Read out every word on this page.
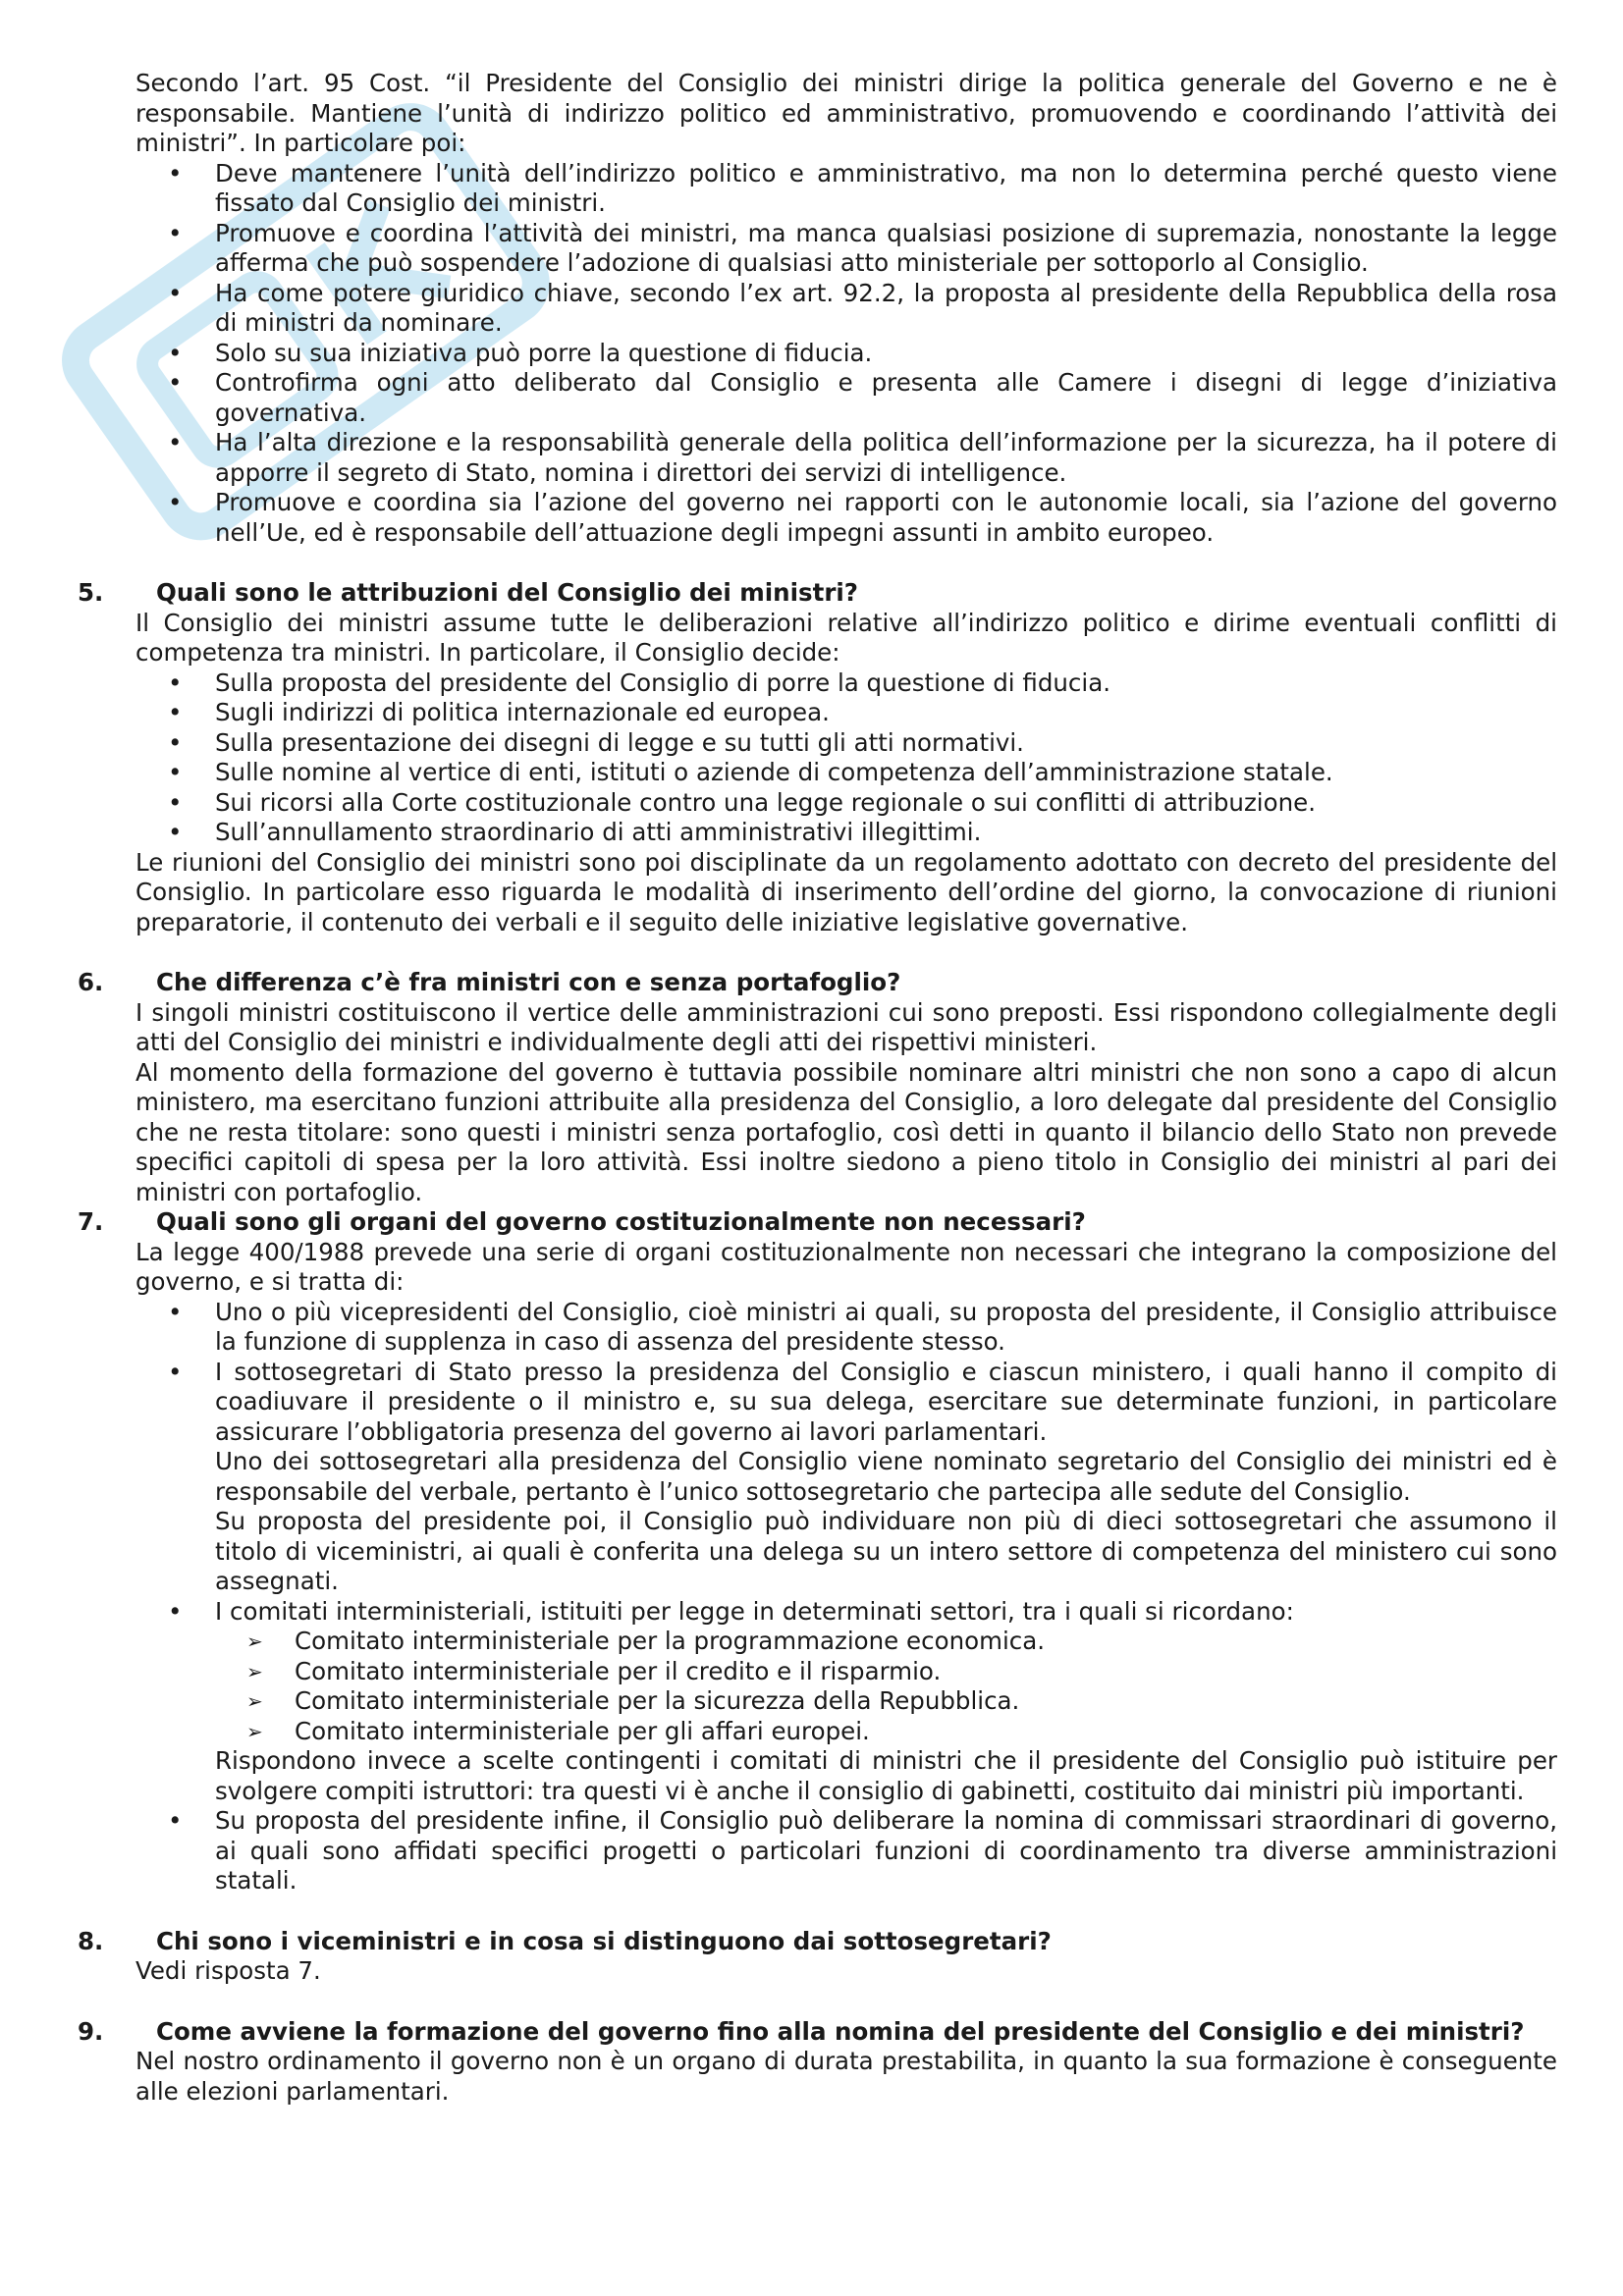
Secondo l’art. 95 Cost. “il Presidente del Consiglio dei ministri dirige la politica generale del Governo e ne è responsabile. Mantiene l’unità di indirizzo politico ed amministrativo, promuovendo e coordinando l’attività dei ministri”. In particolare poi:

• Deve mantenere l’unità dell’indirizzo politico e amministrativo, ma non lo determina perché questo viene fissato dal Consiglio dei ministri.
• Promuove e coordina l’attività dei ministri, ma manca qualsiasi posizione di supremazia, nonostante la legge afferma che può sospendere l’adozione di qualsiasi atto ministeriale per sottoporlo al Consiglio.
• Ha come potere giuridico chiave, secondo l’ex art. 92.2, la proposta al presidente della Repubblica della rosa di ministri da nominare.
• Solo su sua iniziativa può porre la questione di fiducia.
• Controfirma ogni atto deliberato dal Consiglio e presenta alle Camere i disegni di legge d’iniziativa governativa.
• Ha l’alta direzione e la responsabilità generale della politica dell’informazione per la sicurezza, ha il potere di apporre il segreto di Stato, nomina i direttori dei servizi di intelligence.
• Promuove e coordina sia l’azione del governo nei rapporti con le autonomie locali, sia l’azione del governo nell’Ue, ed è responsabile dell’attuazione degli impegni assunti in ambito europeo.
5. Quali sono le attribuzioni del Consiglio dei ministri?

Il Consiglio dei ministri assume tutte le deliberazioni relative all’indirizzo politico e dirime eventuali conflitti di competenza tra ministri. In particolare, il Consiglio decide:

• Sulla proposta del presidente del Consiglio di porre la questione di fiducia.
• Sugli indirizzi di politica internazionale ed europea.
• Sulla presentazione dei disegni di legge e su tutti gli atti normativi.
• Sulle nomine al vertice di enti, istituti o aziende di competenza dell’amministrazione statale.
• Sui ricorsi alla Corte costituzionale contro una legge regionale o sui conflitti di attribuzione.
• Sull’annullamento straordinario di atti amministrativi illegittimi.

Le riunioni del Consiglio dei ministri sono poi disciplinate da un regolamento adottato con decreto del presidente del Consiglio. In particolare esso riguarda le modalità di inserimento dell’ordine del giorno, la convocazione di riunioni preparatorie, il contenuto dei verbali e il seguito delle iniziative legislative governative.

6. Che differenza c’è fra ministri con e senza portafoglio?

I singoli ministri costituiscono il vertice delle amministrazioni cui sono preposti. Essi rispondono collegialmente degli atti del Consiglio dei ministri e individualmente degli atti dei rispettivi ministeri.

Al momento della formazione del governo è tuttavia possibile nominare altri ministri che non sono a capo di alcun ministero, ma esercitano funzioni attribuite alla presidenza del Consiglio, a loro delegate dal presidente del Consiglio che ne resta titolare: sono questi i ministri senza portafoglio, così detti in quanto il bilancio dello Stato non prevede specifici capitoli di spesa per la loro attività. Essi inoltre siedono a pieno titolo in Consiglio dei ministri al pari dei ministri con portafoglio.

7. Quali sono gli organi del governo costituzionalmente non necessari?

La legge 400/1988 prevede una serie di organi costituzionalmente non necessari che integrano la composizione del governo, e si tratta di:

• Uno o più vicepresidenti del Consiglio, cioè ministri ai quali, su proposta del presidente, il Consiglio attribuisce la funzione di supplenza in caso di assenza del presidente stesso.
• I sottosegretari di Stato presso la presidenza del Consiglio e ciascun ministero, i quali hanno il compito di coadiuvare il presidente o il ministro e, su sua delega, esercitare sue determinate funzioni, in particolare assicurare l’obbligatoria presenza del governo ai lavori parlamentari.
Uno dei sottosegretari alla presidenza del Consiglio viene nominato segretario del Consiglio dei ministri ed è responsabile del verbale, pertanto è l’unico sottosegretario che partecipa alle sedute del Consiglio.
Su proposta del presidente poi, il Consiglio può individuare non più di dieci sottosegretari che assumono il titolo di viceministri, ai quali è conferita una delega su un intero settore di competenza del ministero cui sono assegnati.
• I comitati interministeriali, istituiti per legge in determinati settori, tra i quali si ricordano:
➢ Comitato interministeriale per la programmazione economica.
➢ Comitato interministeriale per il credito e il risparmio.
➢ Comitato interministeriale per la sicurezza della Repubblica.
➢ Comitato interministeriale per gli affari europei.
Rispondono invece a scelte contingenti i comitati di ministri che il presidente del Consiglio può istituire per svolgere compiti istruttori: tra questi vi è anche il consiglio di gabinetti, costituito dai ministri più importanti.
• Su proposta del presidente infine, il Consiglio può deliberare la nomina di commissari straordinari di governo, ai quali sono affidati specifici progetti o particolari funzioni di coordinamento tra diverse amministrazioni statali.
8. Chi sono i viceministri e in cosa si distinguono dai sottosegretari?

Vedi risposta 7.

9. Come avviene la formazione del governo fino alla nomina del presidente del Consiglio e dei ministri?

Nel nostro ordinamento il governo non è un organo di durata prestabilita, in quanto la sua formazione è conseguente alle elezioni parlamentari.
